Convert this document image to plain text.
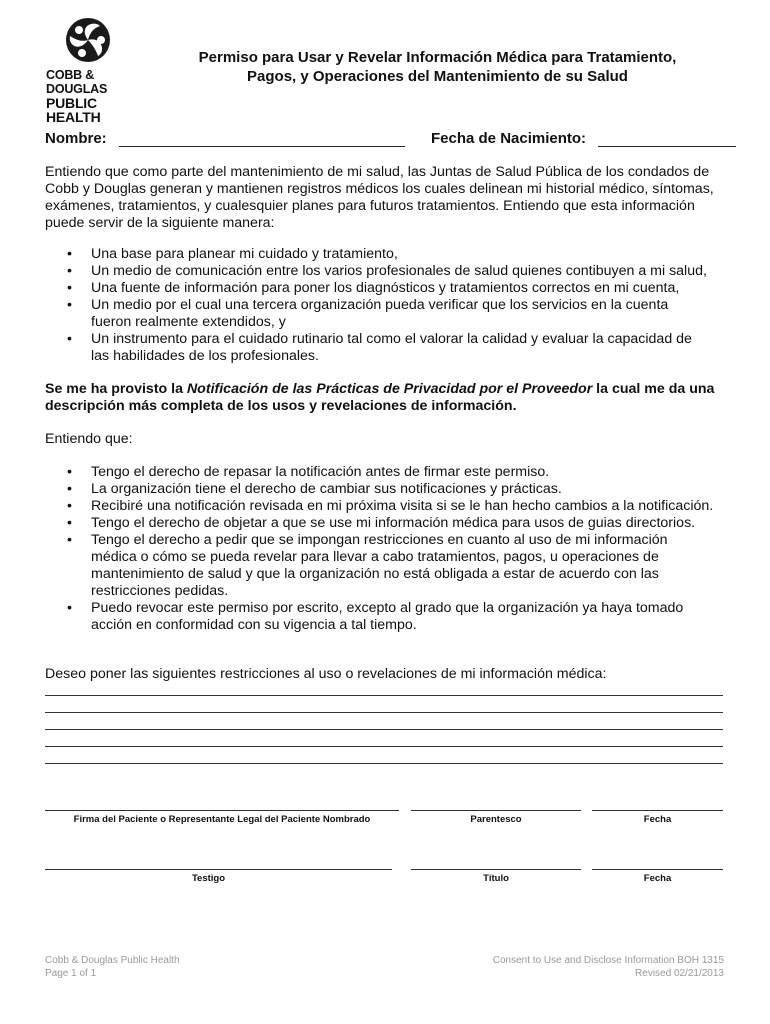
COBB & DOUGLAS
PUBLIC HEALTH
Permiso para Usar y Revelar Información Médica para Tratamiento,
Pagos, y Operaciones del Mantenimiento de su Salud
Nombre:	Fecha de Nacimiento:
Entiendo que como parte del mantenimiento de mi salud, las Juntas de Salud Pública de los condados de Cobb y Douglas generan y mantienen registros médicos los cuales delinean mi historial médico, síntomas, exámenes, tratamientos, y cualesquier planes para futuros tratamientos. Entiendo que esta información puede servir de la siguiente manera:
• Una base para planear mi cuidado y tratamiento,
• Un medio de comunicación entre los varios profesionales de salud quienes contibuyen a mi salud,
• Una fuente de información para poner los diagnósticos y tratamientos correctos en mi cuenta,
• Un medio por el cual una tercera organización pueda verificar que los servicios en la cuenta fueron realmente extendidos, y
• Un instrumento para el cuidado rutinario tal como el valorar la calidad y evaluar la capacidad de las habilidades de los profesionales.
Se me ha provisto la Notificación de las Prácticas de Privacidad por el Proveedor la cual me da una descripción más completa de los usos y revelaciones de información.
Entiendo que:
• Tengo el derecho de repasar la notificación antes de firmar este permiso.
• La organización tiene el derecho de cambiar sus notificaciones y prácticas.
• Recibiré una notificación revisada en mi próxima visita si se le han hecho cambios a la notificación.
• Tengo el derecho de objetar a que se use mi información médica para usos de guias directorios.
• Tengo el derecho a pedir que se impongan restricciones en cuanto al uso de mi información médica o cómo se pueda revelar para llevar a cabo tratamientos, pagos, u operaciones de mantenimiento de salud y que la organización no está obligada a estar de acuerdo con las restricciones pedidas.
• Puedo revocar este permiso por escrito, excepto al grado que la organización ya haya tomado acción en conformidad con su vigencia a tal tiempo.
Deseo poner las siguientes restricciones al uso o revelaciones de mi información médica:
Firma del Paciente o Representante Legal del Paciente Nombrado	Parentesco	Fecha
Testigo	Título	Fecha
Cobb & Douglas Public Health
Page 1 of 1
Consent to Use and Disclose Information BOH 1315
Revised 02/21/2013
